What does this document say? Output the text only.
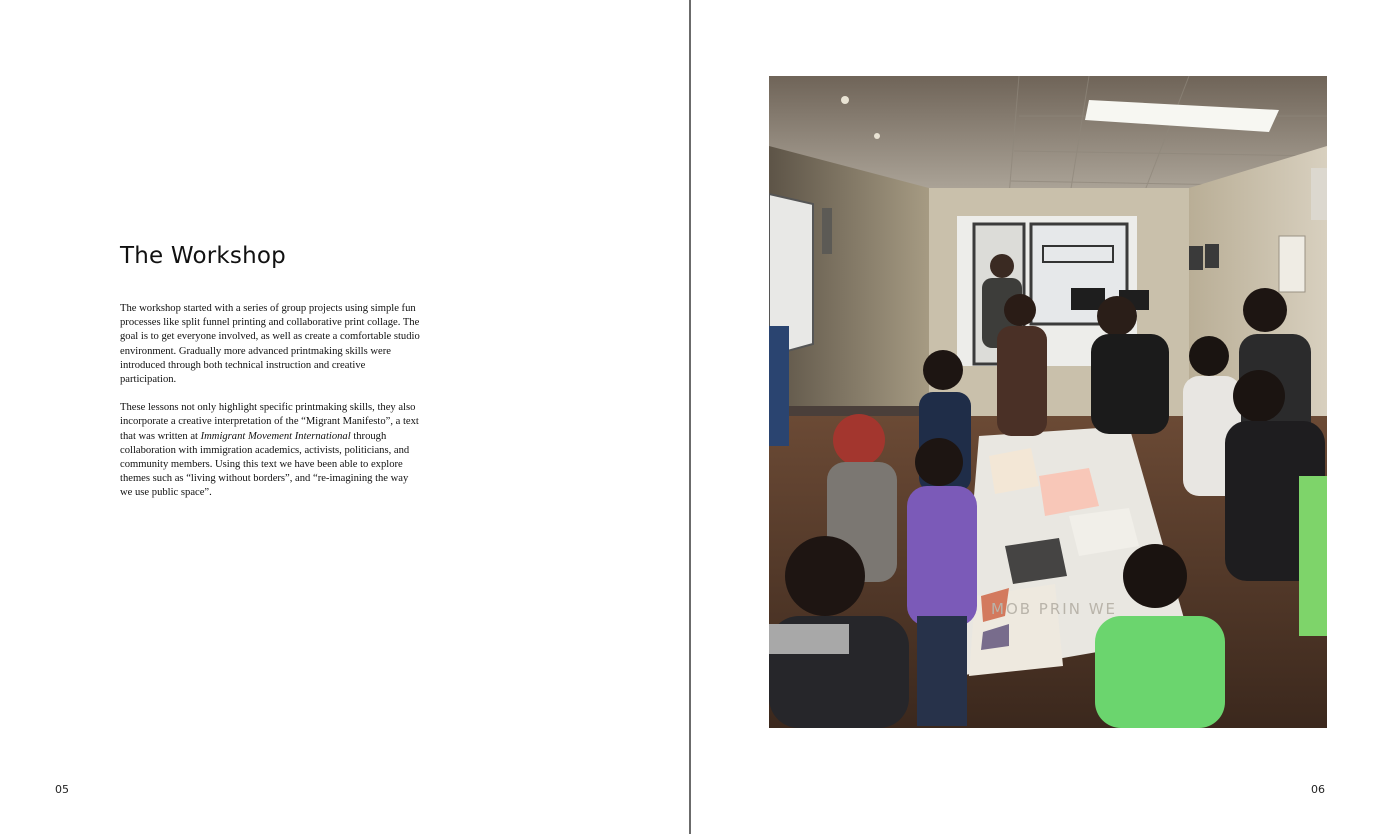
The Workshop

The workshop started with a series of group projects using simple fun processes like split funnel printing and collaborative print collage. The goal is to get everyone involved, as well as create a comfortable studio environment. Gradually more advanced printmaking skills were introduced through both technical instruction and creative participation.

These lessons not only highlight specific printmaking skills, they also incorporate a creative interpretation of the “Migrant Manifesto”, a text that was written at Immigrant Movement International through collaboration with immigration academics, activists, politicians, and community members. Using this text we have been able to explore themes such as “living without borders”, and “re-imagining the way we use public space”.

05
MOB PRIN WE
06
